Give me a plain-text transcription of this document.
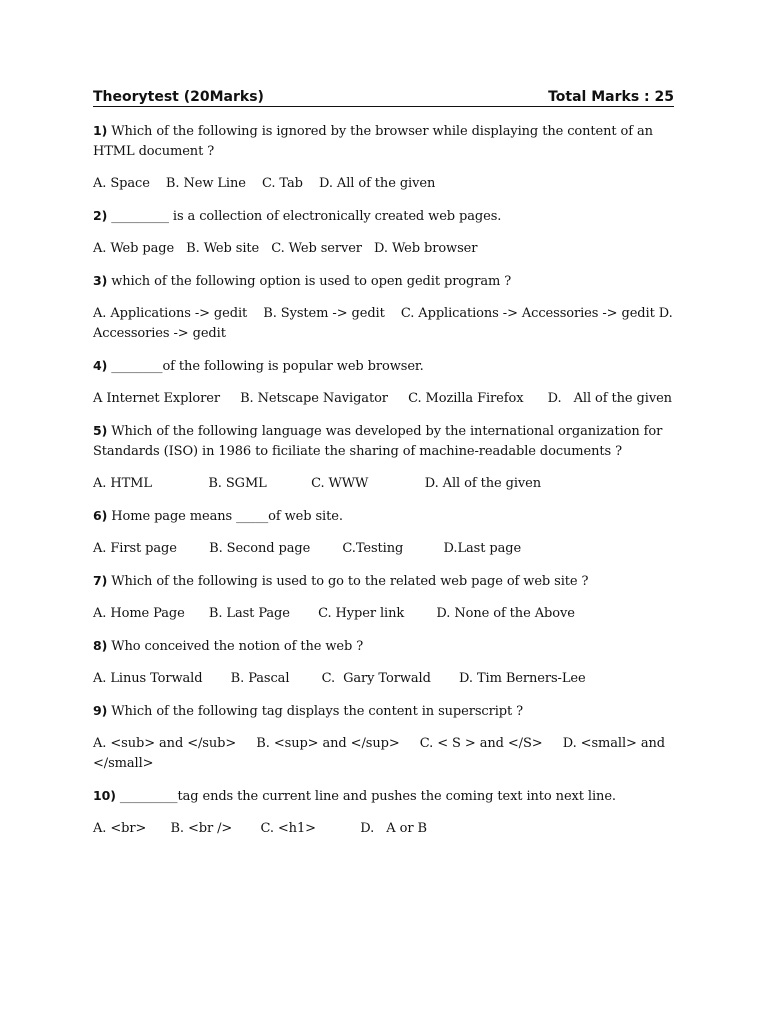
Theorytest (20Marks)	Total Marks : 25

1) Which of the following is ignored by the browser while displaying the content of an HTML document ?

A. Space    B. New Line    C. Tab    D. All of the given

2) _________ is a collection of electronically created web pages.

A. Web page   B. Web site   C. Web server   D. Web browser

3) which of the following option is used to open gedit program ?

A. Applications -> gedit    B. System -> gedit    C. Applications -> Accessories -> gedit D. Accessories -> gedit

4) ________of the following is popular web browser.

A Internet Explorer     B. Netscape Navigator     C. Mozilla Firefox      D.   All of the given

5) Which of the following language was developed by the international organization for Standards (ISO) in 1986 to ficiliate the sharing of machine-readable documents ?

A. HTML              B. SGML           C. WWW              D. All of the given

6) Home page means _____of web site.

A. First page        B. Second page        C.Testing          D.Last page

7) Which of the following is used to go to the related web page of web site ?

A. Home Page      B. Last Page       C. Hyper link        D. None of the Above

8) Who conceived the notion of the web ?

A. Linus Torwald       B. Pascal        C.  Gary Torwald       D. Tim Berners-Lee

9) Which of the following tag displays the content in superscript ?

A. <sub> and </sub>     B. <sup> and </sup>     C. < S > and </S>     D. <small> and </small>

10) _________tag ends the current line and pushes the coming text into next line.

A. <br>      B. <br />       C. <h1>           D.   A or B
